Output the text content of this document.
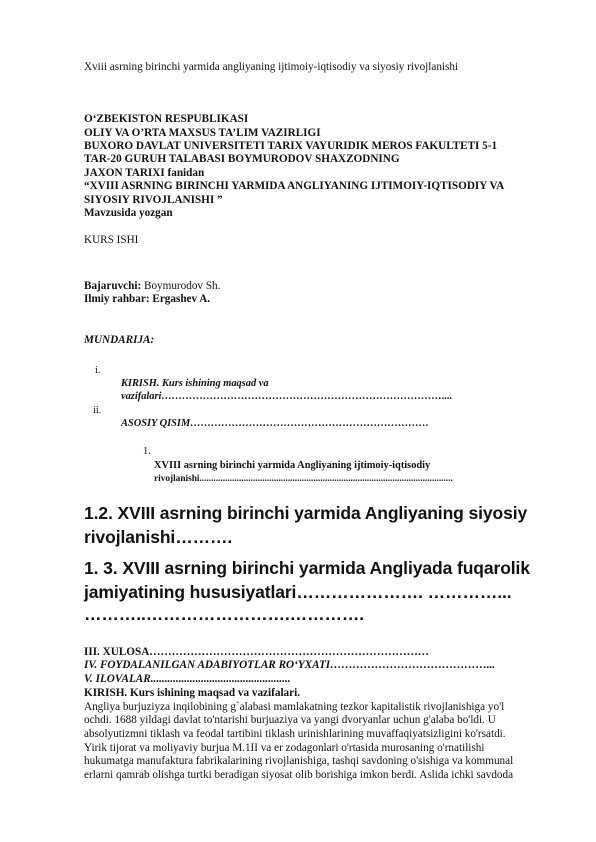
Xviii asrning birinchi yarmida angliyaning ijtimoiy-iqtisodiy va siyosiy rivojlanishi
O‘ZBEKISTON RESPUBLIKASI
OLIY VA O’RTA MAXSUS TA’LIM VAZIRLIGI
BUXORO DAVLAT UNIVERSITETI TARIX VAYURIDIK MEROS FAKULTETI 5-1
TAR-20 GURUH TALABASI BOYMURODOV SHAXZODNING
JAXON TARIXI fanidan
“XVIII ASRNING BIRINCHI YARMIDA ANGLIYANING IJTIMOIY-IQTISODIY VA
SIYOSIY RIVOJLANISHI ”
Mavzusida yozgan
KURS ISHI
Bajaruvchi: Boymurodov Sh.
Ilmiy rahbar: Ergashev A.
MUNDARIJA:
i.
KIRISH. Kurs ishining maqsad va
vazifalari………………………………………………………………………....
ii.
ASOSIY QISIM……………………………………………………………
1.
XVIII asrning birinchi yarmida Angliyaning ijtimoiy-iqtisodiy
rivojlanishi.............................................................................................................
1.2. XVIII asrning birinchi yarmida Angliyaning siyosiy
rivojlanishi……….
1. 3. XVIII asrning birinchi yarmida Angliyada fuqarolik
jamiyatining hususiyatlari…………………. …………...
………..…………………….………….
III. XULOSA…………………………………………………………………
IV. FOYDALANILGAN ADABIYOTLAR RO‘YXATI……………………………………...
V. ILOVALAR..................................................
KIRISH. Kurs ishining maqsad va vazifalari.
Angliya burjuziyza inqilobining g`alabasi mamlakatning tezkor kapitalistik rivojlanishiga yo'l
ochdi. 1688 yildagi davlat to'ntarishi burjuaziya va yangi dvoryanlar uchun g'alaba bo'ldi. U
absolyutizmni tiklash va feodal tartibini tiklash urinishlarining muvaffaqiyatsizligini ko'rsatdi.
Yirik tijorat va moliyaviy burjua M.1II va er zodagonlari o'rtasida murosaning o'rnatilishi
hukumatga manufaktura fabrikalarining rivojlanishiga, tashqi savdoning o'sishiga va kommunal
erlarni qamrab olishga turtki beradigan siyosat olib borishiga imkon berdi. Aslida ichki savdoda
